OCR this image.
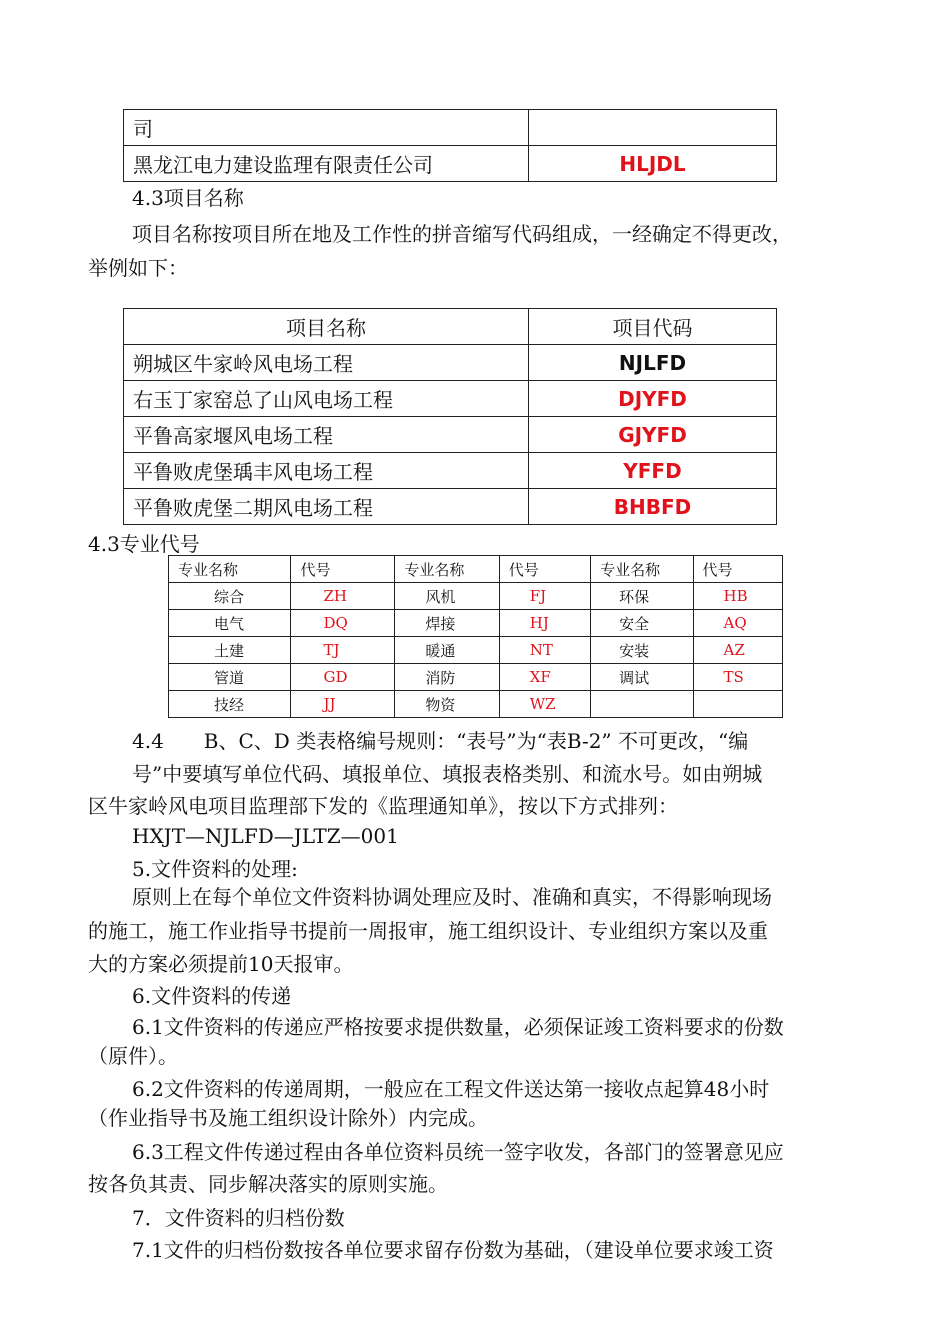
司	
黑龙江电力建设监理有限责任公司	HLJDL
4.3项目名称
项目名称按项目所在地及工作性的拼音缩写代码组成，一经确定不得更改，
举例如下：
项目名称	项目代码
朔城区牛家岭风电场工程	NJLFD
右玉丁家窑总了山风电场工程	DJYFD
平鲁高家堰风电场工程	GJYFD
平鲁败虎堡瑀丰风电场工程	YFFD
平鲁败虎堡二期风电场工程	BHBFD
4.3专业代号
专业名称	代号	专业名称	代号	专业名称	代号
综合	ZH	风机	FJ	环保	HB
电气	DQ	焊接	HJ	安全	AQ
土建	TJ	暖通	NT	安装	AZ
管道	GD	消防	XF	调试	TS
技经	JJ	物资	WZ		
4.4　　B、C、D 类表格编号规则：“表号”为“表B-2” 不可更改，“编
号”中要填写单位代码、填报单位、填报表格类别、和流水号。如由朔城
区牛家岭风电项目监理部下发的《监理通知单》，按以下方式排列：
HXJT—NJLFD—JLTZ—001
5.文件资料的处理:
原则上在每个单位文件资料协调处理应及时、准确和真实，不得影响现场
的施工，施工作业指导书提前一周报审，施工组织设计、专业组织方案以及重
大的方案必须提前10天报审。
6.文件资料的传递
6.1文件资料的传递应严格按要求提供数量，必须保证竣工资料要求的份数
（原件）。
6.2文件资料的传递周期，一般应在工程文件送达第一接收点起算48小时
（作业指导书及施工组织设计除外）内完成。
6.3工程文件传递过程由各单位资料员统一签字收发，各部门的签署意见应
按各负其责、同步解决落实的原则实施。
7．文件资料的归档份数
7.1文件的归档份数按各单位要求留存份数为基础，（建设单位要求竣工资
